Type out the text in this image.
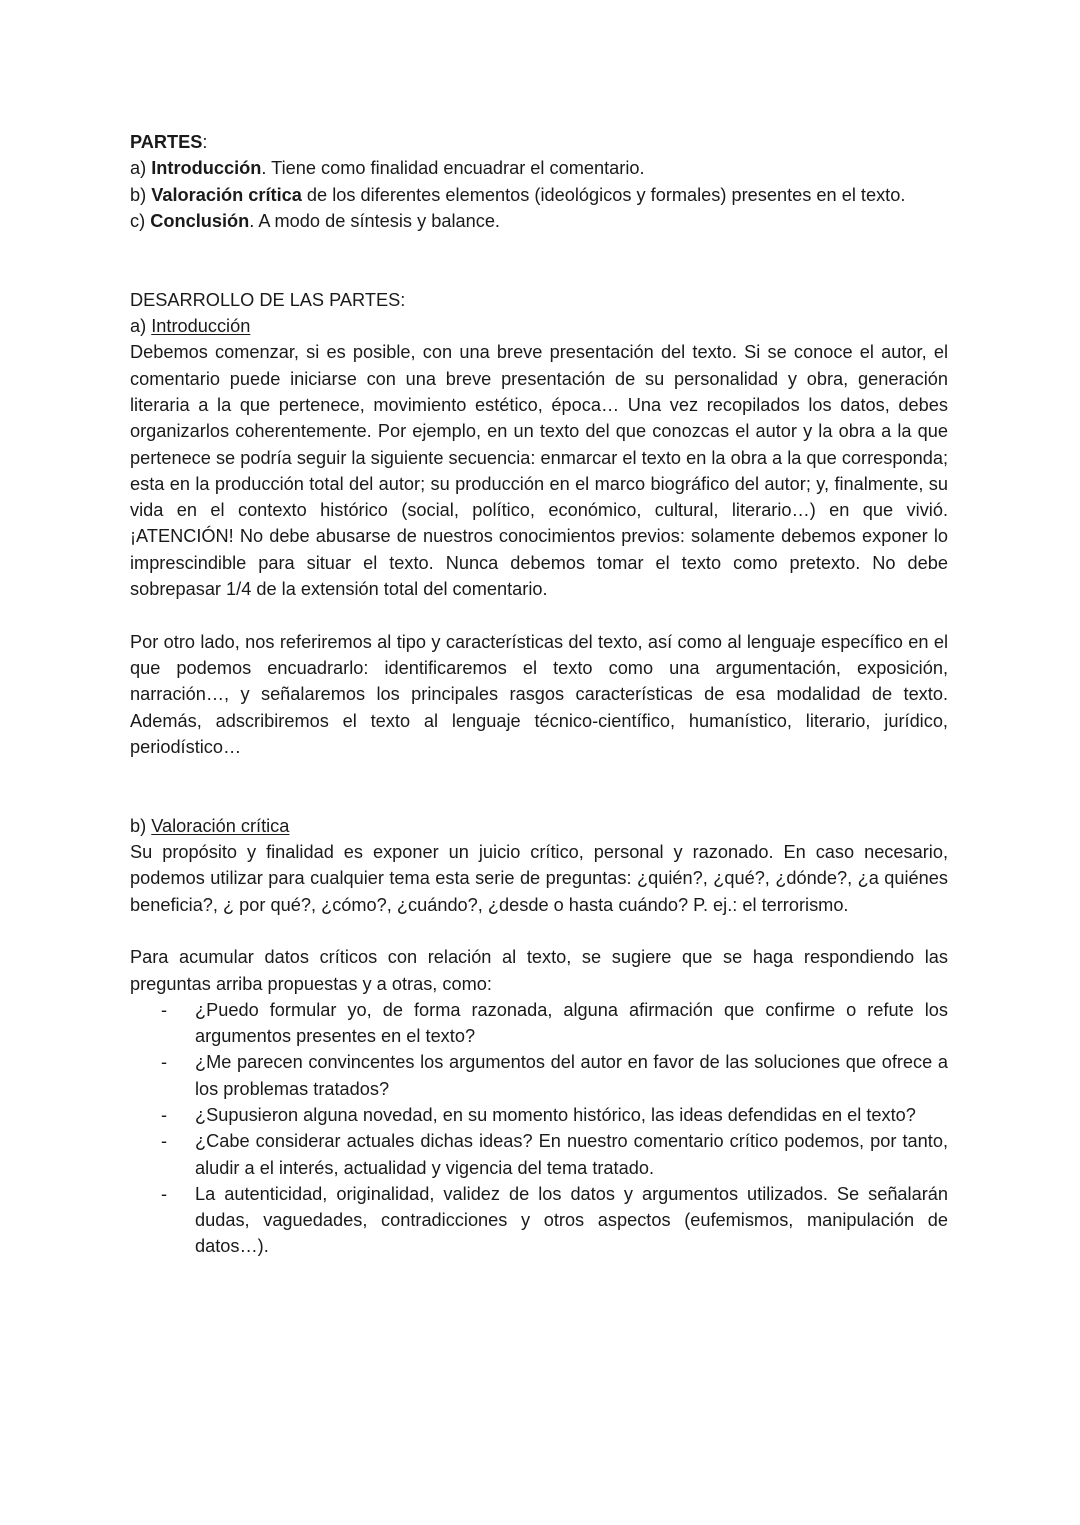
PARTES:

a) Introducción. Tiene como finalidad encuadrar el comentario.

b) Valoración crítica de los diferentes elementos (ideológicos y formales) presentes en el texto.

c) Conclusión. A modo de síntesis y balance.

DESARROLLO DE LAS PARTES:

a) Introducción

Debemos comenzar, si es posible, con una breve presentación del texto. Si se conoce el autor, el comentario puede iniciarse con una breve presentación de su personalidad y obra, generación literaria a la que pertenece, movimiento estético, época… Una vez recopilados los datos, debes organizarlos coherentemente. Por ejemplo, en un texto del que conozcas el autor y la obra a la que pertenece se podría seguir la siguiente secuencia: enmarcar el texto en la obra a la que corresponda; esta en la producción total del autor; su producción en el marco biográfico del autor; y, finalmente, su vida en el contexto histórico (social, político, económico, cultural, literario…) en que vivió. ¡ATENCIÓN! No debe abusarse de nuestros conocimientos previos: solamente debemos exponer lo imprescindible para situar el texto. Nunca debemos tomar el texto como pretexto. No debe sobrepasar 1/4 de la extensión total del comentario.

Por otro lado, nos referiremos al tipo y características del texto, así como al lenguaje específico en el que podemos encuadrarlo: identificaremos el texto como una argumentación, exposición, narración…, y señalaremos los principales rasgos características de esa modalidad de texto. Además, adscribiremos el texto al lenguaje técnico-científico, humanístico, literario, jurídico, periodístico…

b) Valoración crítica

Su propósito y finalidad es exponer un juicio crítico, personal y razonado. En caso necesario, podemos utilizar para cualquier tema esta serie de preguntas: ¿quién?, ¿qué?, ¿dónde?, ¿a quiénes beneficia?, ¿ por qué?, ¿cómo?, ¿cuándo?, ¿desde o hasta cuándo? P. ej.: el terrorismo.

Para acumular datos críticos con relación al texto, se sugiere que se haga respondiendo las preguntas arriba propuestas y a otras, como:

- ¿Puedo formular yo, de forma razonada, alguna afirmación que confirme o refute los argumentos presentes en el texto?
- ¿Me parecen convincentes los argumentos del autor en favor de las soluciones que ofrece a los problemas tratados?
- ¿Supusieron alguna novedad, en su momento histórico, las ideas defendidas en el texto?
- ¿Cabe considerar actuales dichas ideas? En nuestro comentario crítico podemos, por tanto, aludir a el interés, actualidad y vigencia del tema tratado.
- La autenticidad, originalidad, validez de los datos y argumentos utilizados. Se señalarán dudas, vaguedades, contradicciones y otros aspectos (eufemismos, manipulación de datos…).
